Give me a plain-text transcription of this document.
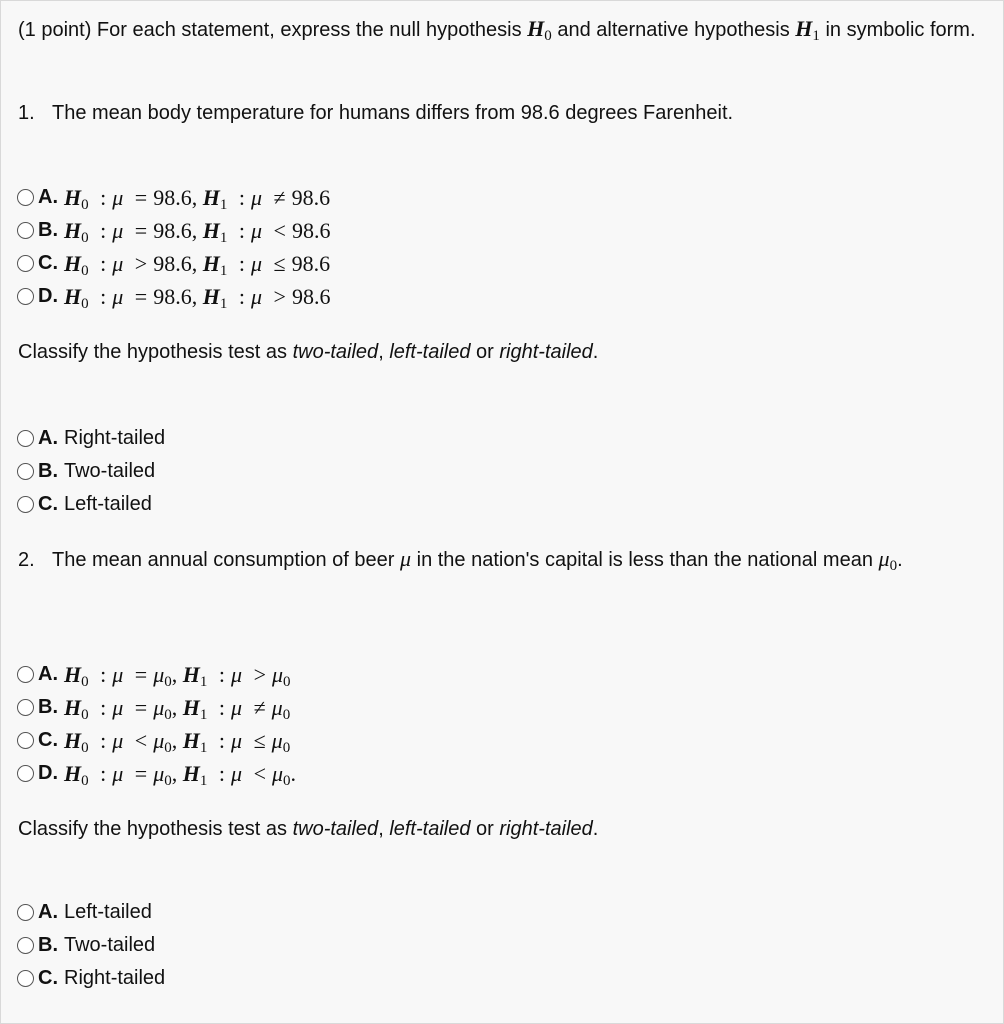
(1 point) For each statement, express the null hypothesis $H_0$ and alternative hypothesis $H_1$ in symbolic form.
1. The mean body temperature for humans differs from 98.6 degrees Farenheit.
A. H0 : μ = 98.6, H1 : μ ≠ 98.6
B. H0 : μ = 98.6, H1 : μ < 98.6
C. H0 : μ > 98.6, H1 : μ ≤ 98.6
D. H0 : μ = 98.6, H1 : μ > 98.6
Classify the hypothesis test as two-tailed, left-tailed or right-tailed.
A. Right-tailed
B. Two-tailed
C. Left-tailed
2. The mean annual consumption of beer μ in the nation's capital is less than the national mean $\mu_0$.
A. H0 : μ = μ0, H1 : μ > μ0
B. H0 : μ = μ0, H1 : μ ≠ μ0
C. H0 : μ < μ0, H1 : μ ≤ μ0
D. H0 : μ = μ0, H1 : μ < μ0.
Classify the hypothesis test as two-tailed, left-tailed or right-tailed.
A. Left-tailed
B. Two-tailed
C. Right-tailed
